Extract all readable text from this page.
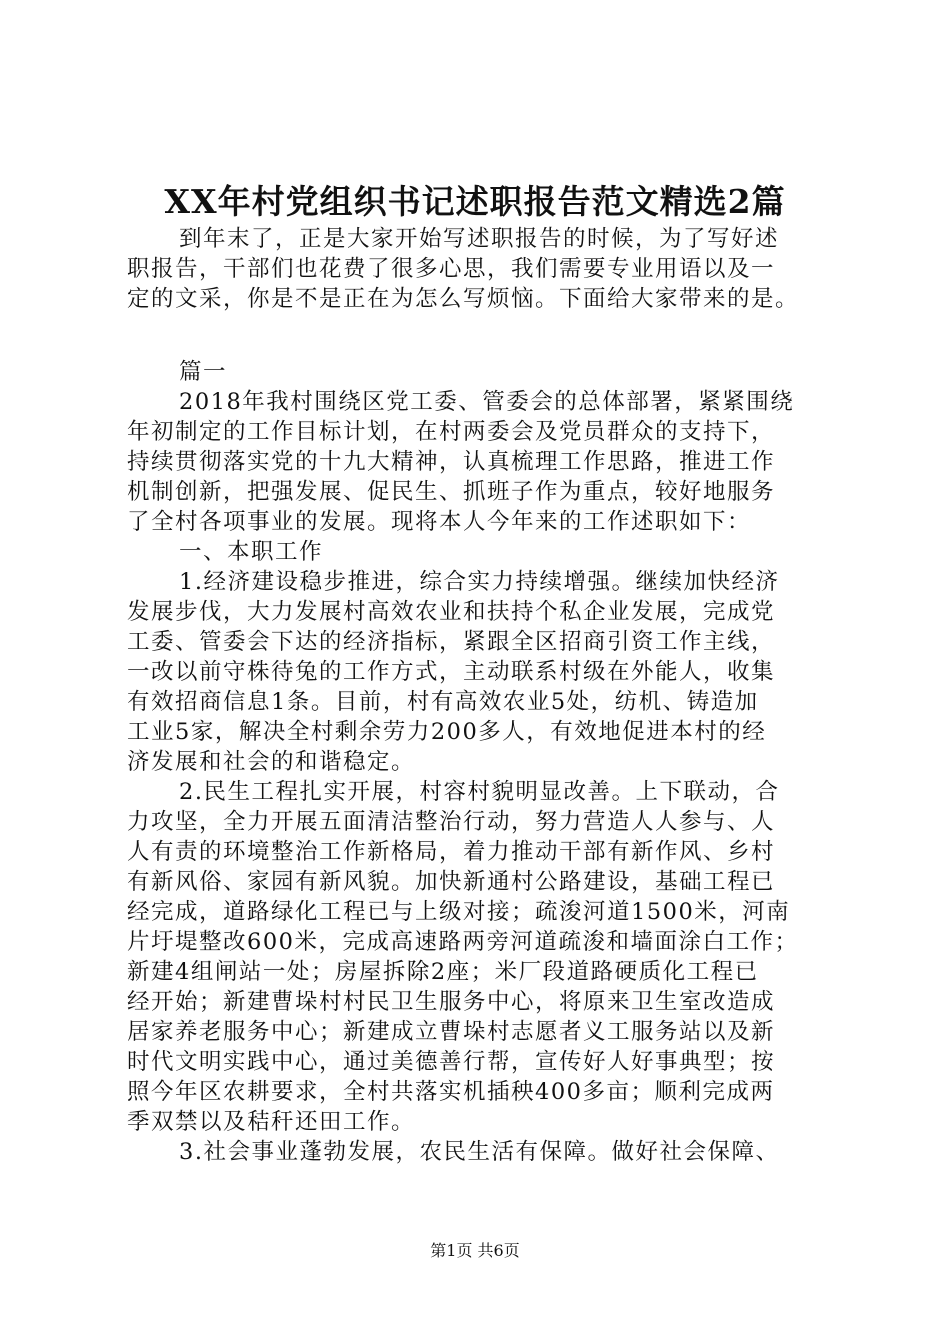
XX年村党组织书记述职报告范文精选2篇
到年末了，正是大家开始写述职报告的时候，为了写好述
职报告，干部们也花费了很多心思，我们需要专业用语以及一
定的文采，你是不是正在为怎么写烦恼。下面给大家带来的是。
篇一
2018年我村围绕区党工委、管委会的总体部署，紧紧围绕
年初制定的工作目标计划，在村两委会及党员群众的支持下，
持续贯彻落实党的十九大精神，认真梳理工作思路，推进工作
机制创新，把强发展、促民生、抓班子作为重点，较好地服务
了全村各项事业的发展。现将本人今年来的工作述职如下：
一、本职工作
1.经济建设稳步推进，综合实力持续增强。继续加快经济
发展步伐，大力发展村高效农业和扶持个私企业发展，完成党
工委、管委会下达的经济指标，紧跟全区招商引资工作主线，
一改以前守株待兔的工作方式，主动联系村级在外能人，收集
有效招商信息1条。目前，村有高效农业5处，纺机、铸造加
工业5家，解决全村剩余劳力200多人，有效地促进本村的经
济发展和社会的和谐稳定。
2.民生工程扎实开展，村容村貌明显改善。上下联动，合
力攻坚，全力开展五面清洁整治行动，努力营造人人参与、人
人有责的环境整治工作新格局，着力推动干部有新作风、乡村
有新风俗、家园有新风貌。加快新通村公路建设，基础工程已
经完成，道路绿化工程已与上级对接；疏浚河道1500米，河南
片圩堤整改600米，完成高速路两旁河道疏浚和墙面涂白工作；
新建4组闸站一处；房屋拆除2座；米厂段道路硬质化工程已
经开始；新建曹垛村村民卫生服务中心，将原来卫生室改造成
居家养老服务中心；新建成立曹垛村志愿者义工服务站以及新
时代文明实践中心，通过美德善行帮，宣传好人好事典型；按
照今年区农耕要求，全村共落实机插秧400多亩；顺利完成两
季双禁以及秸秆还田工作。
3.社会事业蓬勃发展，农民生活有保障。做好社会保障、
第1页 共6页
